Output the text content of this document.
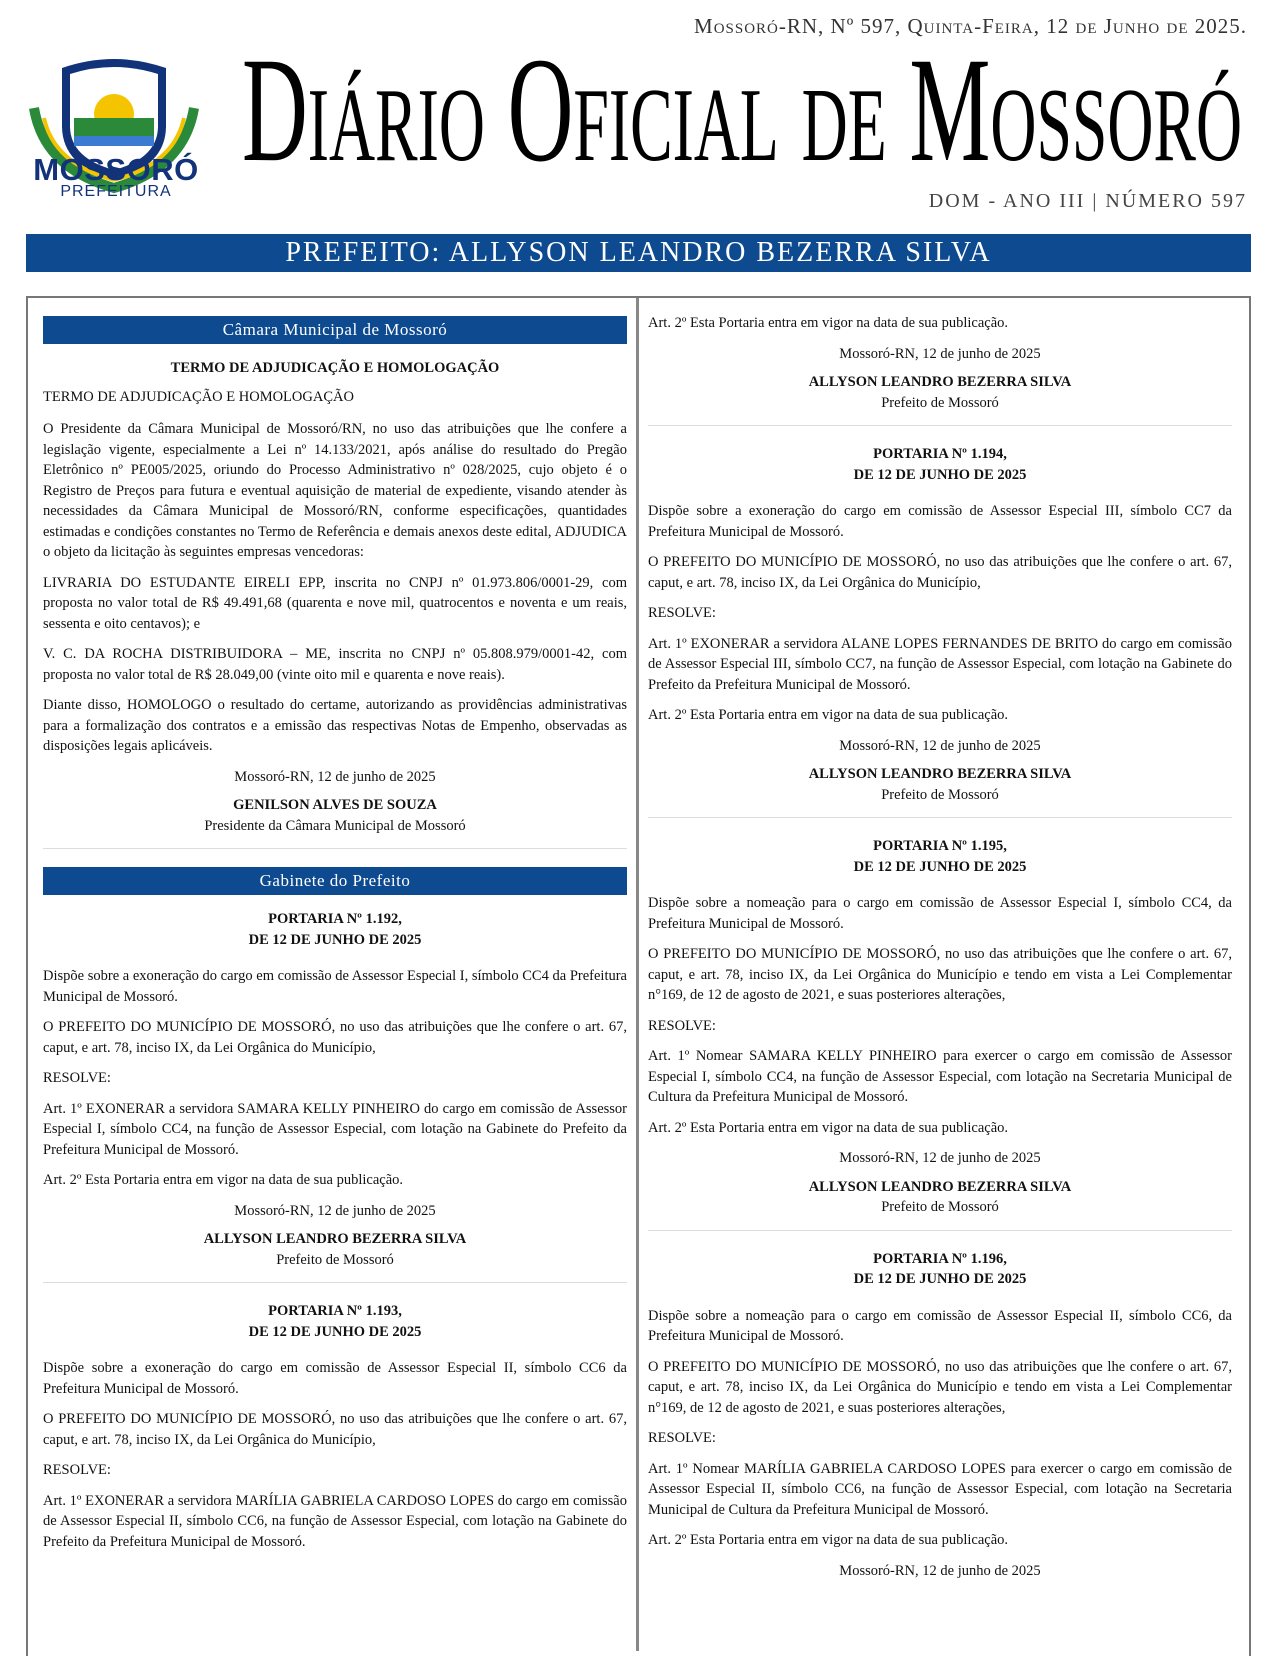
Mossoró-RN, Nº 597, Quinta-Feira, 12 de Junho de 2025.
MOSSORÓ
PREFEITURA Diário Oficial de Mossoró
DOM - ANO III | NÚMERO 597
PREFEITO: ALLYSON LEANDRO BEZERRA SILVA
Câmara Municipal de Mossoró

TERMO DE ADJUDICAÇÃO E HOMOLOGAÇÃO

TERMO DE ADJUDICAÇÃO E HOMOLOGAÇÃO

O Presidente da Câmara Municipal de Mossoró/RN, no uso das atribuições que lhe confere a legislação vigente, especialmente a Lei nº 14.133/2021, após análise do resultado do Pregão Eletrônico nº PE005/2025, oriundo do Processo Administrativo nº 028/2025, cujo objeto é o Registro de Preços para futura e eventual aquisição de material de expediente, visando atender às necessidades da Câmara Municipal de Mossoró/RN, conforme especificações, quantidades estimadas e condições constantes no Termo de Referência e demais anexos deste edital, ADJUDICA o objeto da licitação às seguintes empresas vencedoras:

LIVRARIA DO ESTUDANTE EIRELI EPP, inscrita no CNPJ nº 01.973.806/0001-29, com proposta no valor total de R$ 49.491,68 (quarenta e nove mil, quatrocentos e noventa e um reais, sessenta e oito centavos); e

V. C. DA ROCHA DISTRIBUIDORA – ME, inscrita no CNPJ nº 05.808.979/0001-42, com proposta no valor total de R$ 28.049,00 (vinte oito mil e quarenta e nove reais).

Diante disso, HOMOLOGO o resultado do certame, autorizando as providências administrativas para a formalização dos contratos e a emissão das respectivas Notas de Empenho, observadas as disposições legais aplicáveis.

Mossoró-RN, 12 de junho de 2025

GENILSON ALVES DE SOUZA

Presidente da Câmara Municipal de Mossoró

Gabinete do Prefeito

PORTARIA Nº 1.192,

DE 12 DE JUNHO DE 2025

Dispõe sobre a exoneração do cargo em comissão de Assessor Especial I, símbolo CC4 da Prefeitura Municipal de Mossoró.

O PREFEITO DO MUNICÍPIO DE MOSSORÓ, no uso das atribuições que lhe confere o art. 67, caput, e art. 78, inciso IX, da Lei Orgânica do Município,

RESOLVE:

Art. 1º EXONERAR a servidora SAMARA KELLY PINHEIRO do cargo em comissão de Assessor Especial I, símbolo CC4, na função de Assessor Especial, com lotação na Gabinete do Prefeito da Prefeitura Municipal de Mossoró.

Art. 2º Esta Portaria entra em vigor na data de sua publicação.

Mossoró-RN, 12 de junho de 2025

ALLYSON LEANDRO BEZERRA SILVA

Prefeito de Mossoró

PORTARIA Nº 1.193,

DE 12 DE JUNHO DE 2025

Dispõe sobre a exoneração do cargo em comissão de Assessor Especial II, símbolo CC6 da Prefeitura Municipal de Mossoró.

O PREFEITO DO MUNICÍPIO DE MOSSORÓ, no uso das atribuições que lhe confere o art. 67, caput, e art. 78, inciso IX, da Lei Orgânica do Município,

RESOLVE:

Art. 1º EXONERAR a servidora MARÍLIA GABRIELA CARDOSO LOPES do cargo em comissão de Assessor Especial II, símbolo CC6, na função de Assessor Especial, com lotação na Gabinete do Prefeito da Prefeitura Municipal de Mossoró.

Art. 2º Esta Portaria entra em vigor na data de sua publicação.

Mossoró-RN, 12 de junho de 2025

ALLYSON LEANDRO BEZERRA SILVA

Prefeito de Mossoró

PORTARIA Nº 1.194,

DE 12 DE JUNHO DE 2025

Dispõe sobre a exoneração do cargo em comissão de Assessor Especial III, símbolo CC7 da Prefeitura Municipal de Mossoró.

O PREFEITO DO MUNICÍPIO DE MOSSORÓ, no uso das atribuições que lhe confere o art. 67, caput, e art. 78, inciso IX, da Lei Orgânica do Município,

RESOLVE:

Art. 1º EXONERAR a servidora ALANE LOPES FERNANDES DE BRITO do cargo em comissão de Assessor Especial III, símbolo CC7, na função de Assessor Especial, com lotação na Gabinete do Prefeito da Prefeitura Municipal de Mossoró.

Art. 2º Esta Portaria entra em vigor na data de sua publicação.

Mossoró-RN, 12 de junho de 2025

ALLYSON LEANDRO BEZERRA SILVA

Prefeito de Mossoró

PORTARIA Nº 1.195,

DE 12 DE JUNHO DE 2025

Dispõe sobre a nomeação para o cargo em comissão de Assessor Especial I, símbolo CC4, da Prefeitura Municipal de Mossoró.

O PREFEITO DO MUNICÍPIO DE MOSSORÓ, no uso das atribuições que lhe confere o art. 67, caput, e art. 78, inciso IX, da Lei Orgânica do Município e tendo em vista a Lei Complementar n°169, de 12 de agosto de 2021, e suas posteriores alterações,

RESOLVE:

Art. 1º Nomear SAMARA KELLY PINHEIRO para exercer o cargo em comissão de Assessor Especial I, símbolo CC4, na função de Assessor Especial, com lotação na Secretaria Municipal de Cultura da Prefeitura Municipal de Mossoró.

Art. 2º Esta Portaria entra em vigor na data de sua publicação.

Mossoró-RN, 12 de junho de 2025

ALLYSON LEANDRO BEZERRA SILVA

Prefeito de Mossoró

PORTARIA Nº 1.196,

DE 12 DE JUNHO DE 2025

Dispõe sobre a nomeação para o cargo em comissão de Assessor Especial II, símbolo CC6, da Prefeitura Municipal de Mossoró.

O PREFEITO DO MUNICÍPIO DE MOSSORÓ, no uso das atribuições que lhe confere o art. 67, caput, e art. 78, inciso IX, da Lei Orgânica do Município e tendo em vista a Lei Complementar n°169, de 12 de agosto de 2021, e suas posteriores alterações,

RESOLVE:

Art. 1º Nomear MARÍLIA GABRIELA CARDOSO LOPES para exercer o cargo em comissão de Assessor Especial II, símbolo CC6, na função de Assessor Especial, com lotação na Secretaria Municipal de Cultura da Prefeitura Municipal de Mossoró.

Art. 2º Esta Portaria entra em vigor na data de sua publicação.

Mossoró-RN, 12 de junho de 2025
